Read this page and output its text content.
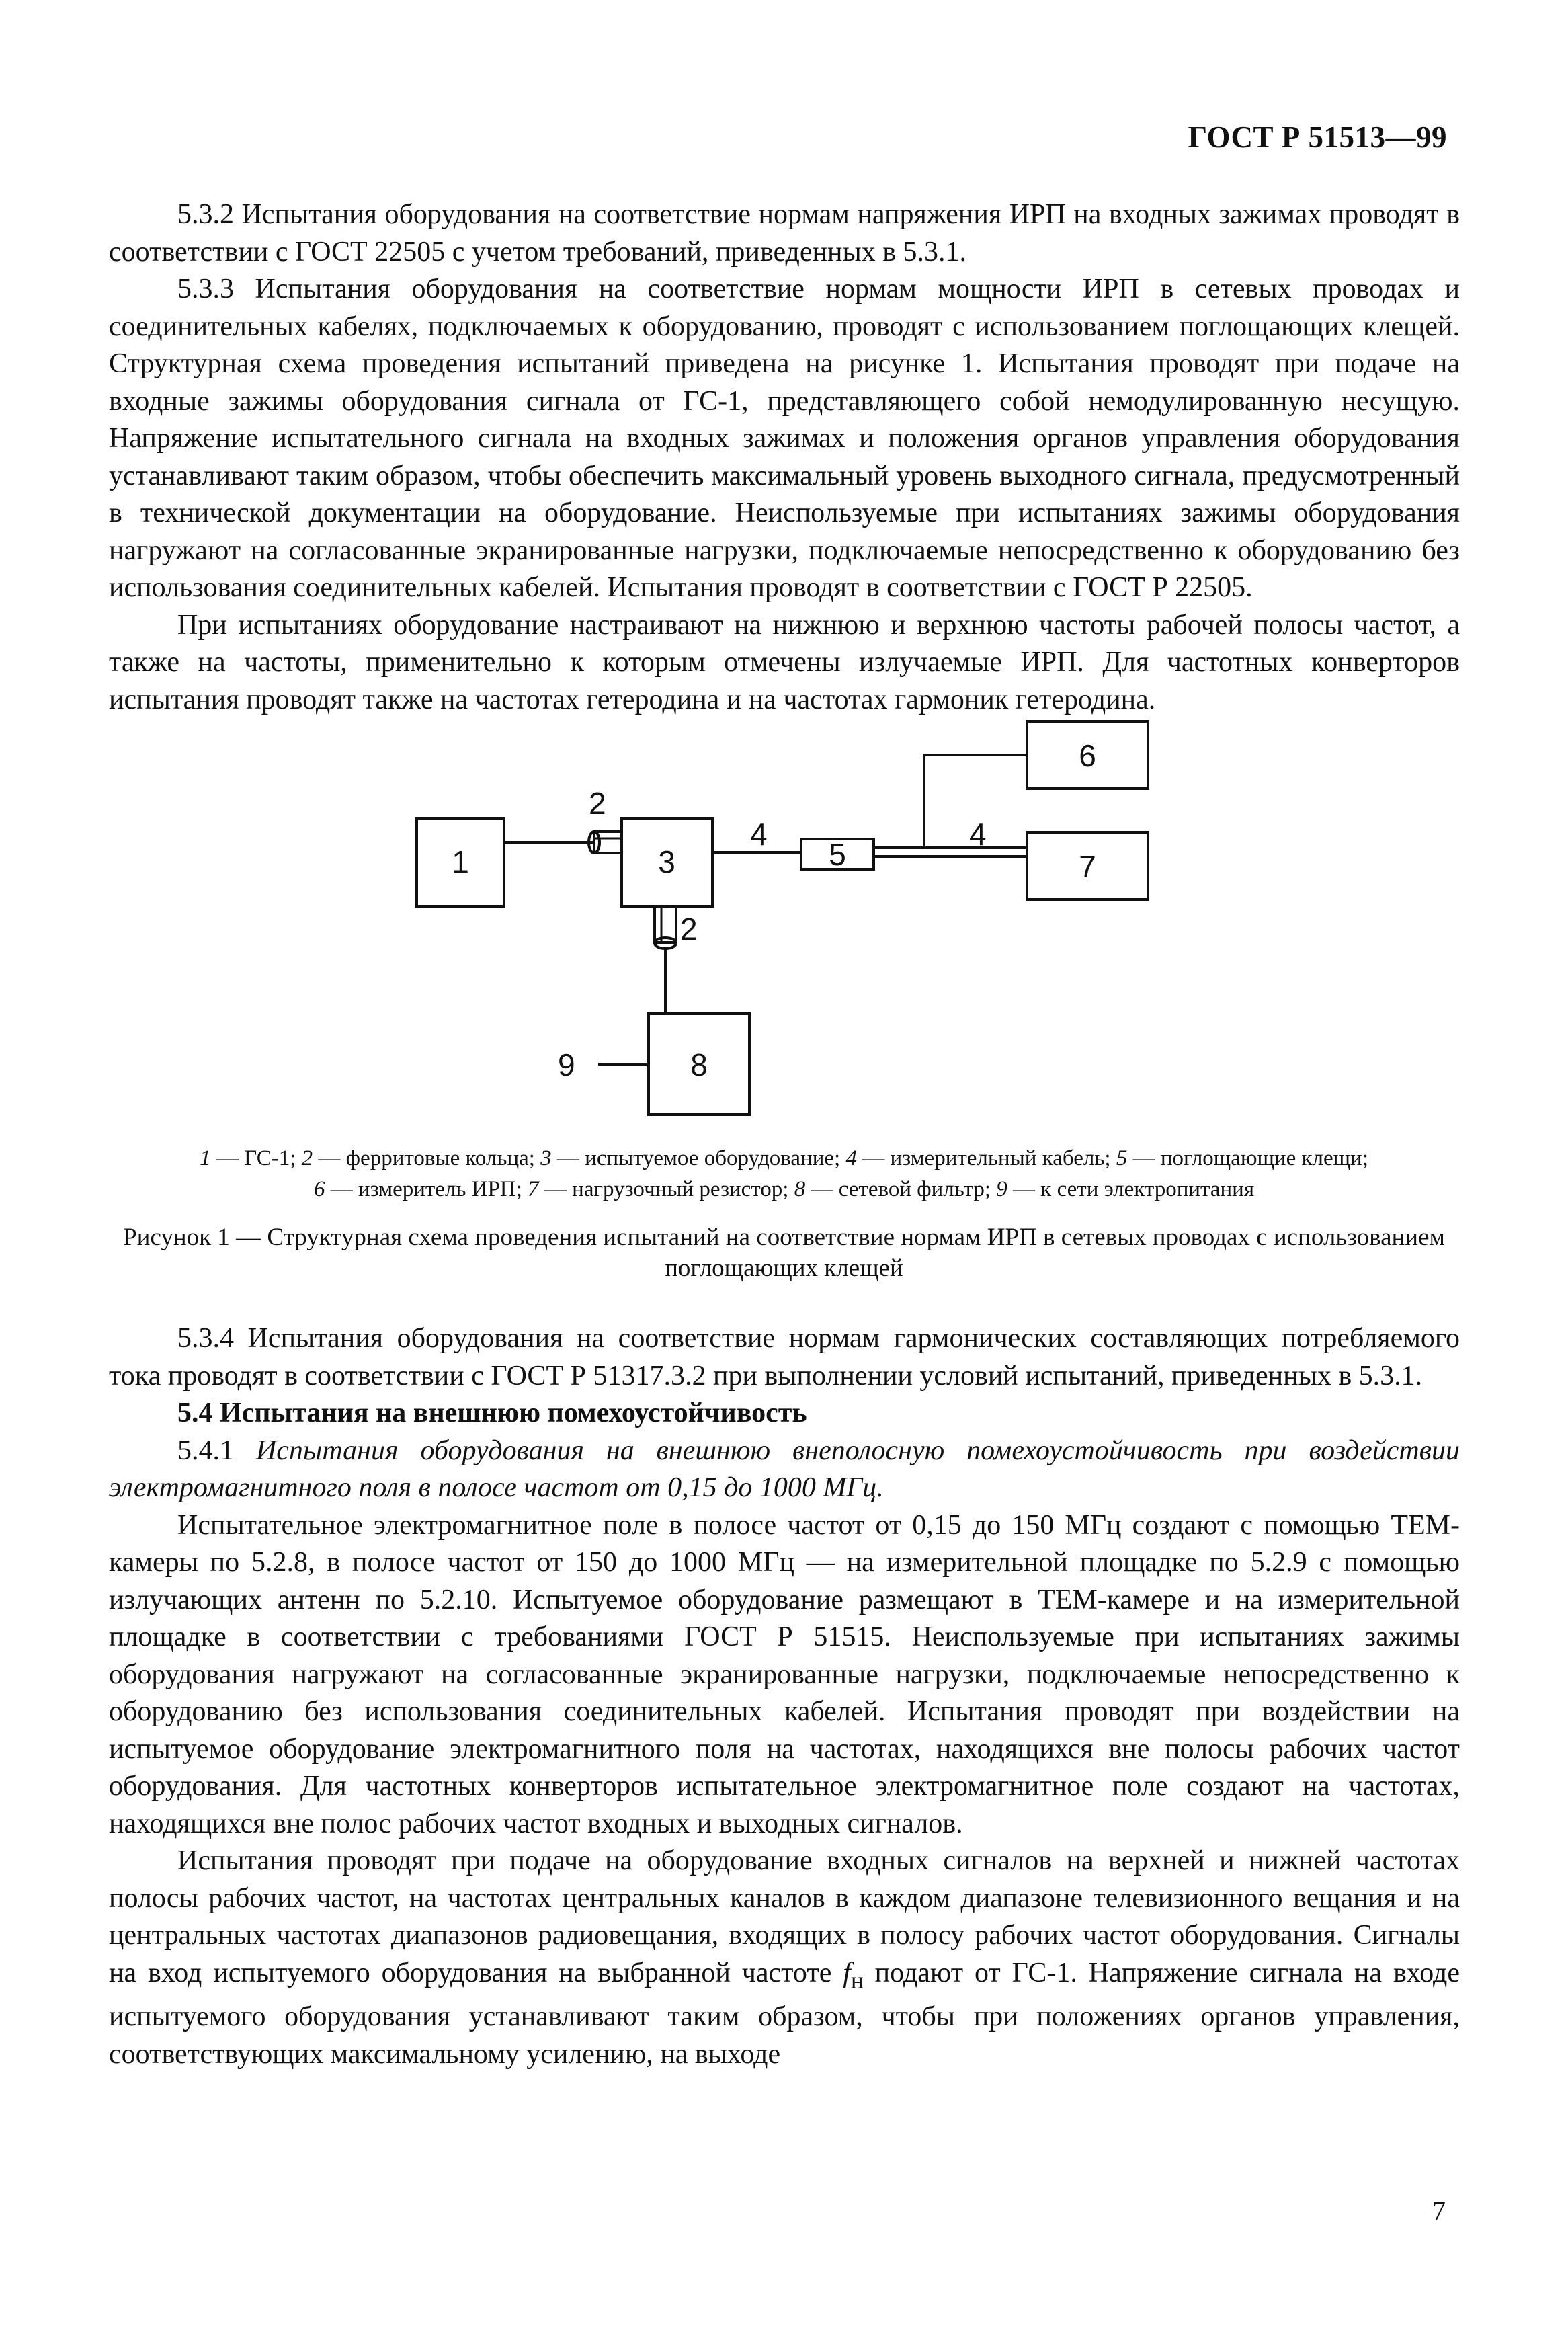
ГОСТ Р 51513—99

5.3.2 Испытания оборудования на соответствие нормам напряжения ИРП на входных зажимах проводят в соответствии с ГОСТ 22505 с учетом требований, приведенных в 5.3.1.

5.3.3 Испытания оборудования на соответствие нормам мощности ИРП в сетевых проводах и соединительных кабелях, подключаемых к оборудованию, проводят с использованием поглощающих клещей. Структурная схема проведения испытаний приведена на рисунке 1. Испытания проводят при подаче на входные зажимы оборудования сигнала от ГС-1, представляющего собой немодулированную несущую. Напряжение испытательного сигнала на входных зажимах и положения органов управления оборудования устанавливают таким образом, чтобы обеспечить максимальный уровень выходного сигнала, предусмотренный в технической документации на оборудование. Неиспользуемые при испытаниях зажимы оборудования нагружают на согласованные экранированные нагрузки, подключаемые непосредственно к оборудованию без использования соединительных кабелей. Испытания проводят в соответствии с ГОСТ Р 22505.

При испытаниях оборудование настраивают на нижнюю и верхнюю частоты рабочей полосы частот, а также на частоты, применительно к которым отмечены излучаемые ИРП. Для частотных конверторов испытания проводят также на частотах гетеродина и на частотах гармоник гетеродина.

1	3	5
6
7
8
2
2
4	4
9
1 — ГС-1; 2 — ферритовые кольца; 3 — испытуемое оборудование; 4 — измерительный кабель; 5 — поглощающие клещи;
6 — измеритель ИРП; 7 — нагрузочный резистор; 8 — сетевой фильтр; 9 — к сети электропитания
Рисунок 1 — Структурная схема проведения испытаний на соответствие нормам ИРП в сетевых проводах с использованием поглощающих клещей

5.3.4 Испытания оборудования на соответствие нормам гармонических составляющих потребляемого тока проводят в соответствии с ГОСТ Р 51317.3.2 при выполнении условий испытаний, приведенных в 5.3.1.

5.4 Испытания на внешнюю помехоустойчивость

5.4.1 Испытания оборудования на внешнюю внеполосную помехоустойчивость при воздействии электромагнитного поля в полосе частот от 0,15 до 1000 МГц.

Испытательное электромагнитное поле в полосе частот от 0,15 до 150 МГц создают с помощью ТЕМ-камеры по 5.2.8, в полосе частот от 150 до 1000 МГц — на измерительной площадке по 5.2.9 с помощью излучающих антенн по 5.2.10. Испытуемое оборудование размещают в ТЕМ-камере и на измерительной площадке в соответствии с требованиями ГОСТ Р 51515. Неиспользуемые при испытаниях зажимы оборудования нагружают на согласованные экранированные нагрузки, подключаемые непосредственно к оборудованию без использования соединительных кабелей. Испытания проводят при воздействии на испытуемое оборудование электромагнитного поля на частотах, находящихся вне полосы рабочих частот оборудования. Для частотных конверторов испытательное электромагнитное поле создают на частотах, находящихся вне полос рабочих частот входных и выходных сигналов.

Испытания проводят при подаче на оборудование входных сигналов на верхней и нижней частотах полосы рабочих частот, на частотах центральных каналов в каждом диапазоне телевизионного вещания и на центральных частотах диапазонов радиовещания, входящих в полосу рабочих частот оборудования. Сигналы на вход испытуемого оборудования на выбранной частоте $f_н$ подают от ГС-1. Напряжение сигнала на входе испытуемого оборудования устанавливают таким образом, чтобы при положениях органов управления, соответствующих максимальному усилению, на выходе

7
